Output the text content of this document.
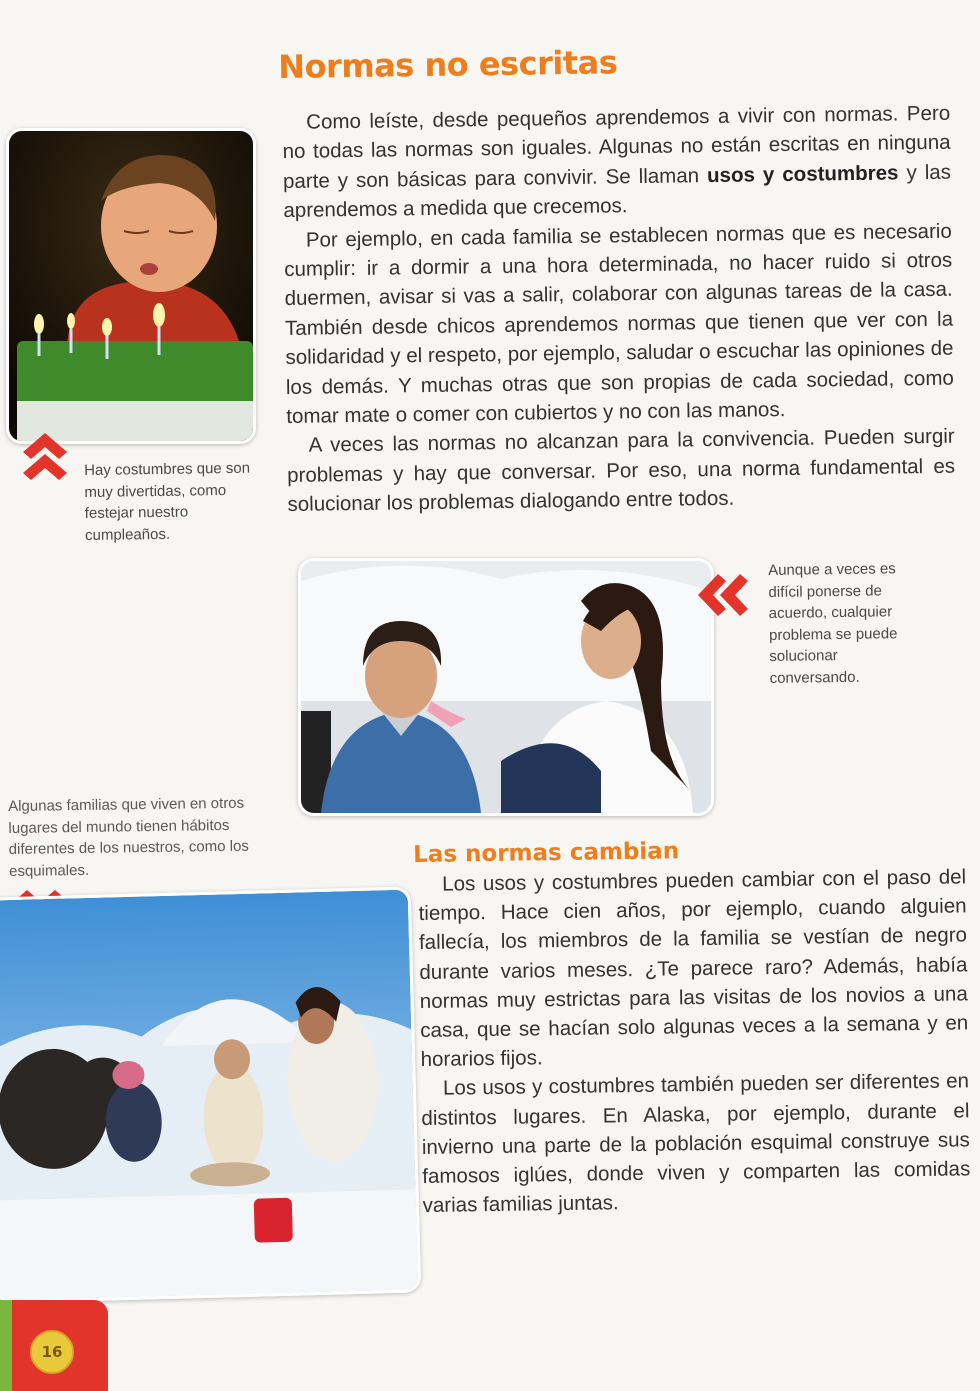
Normas no escritas

Como leíste, desde pequeños aprendemos a vivir con normas. Pero no todas las normas son iguales. Algunas no están escritas en ninguna parte y son básicas para convivir. Se llaman usos y costumbres y las aprendemos a medida que crecemos.

Por ejemplo, en cada familia se establecen normas que es necesario cumplir: ir a dormir a una hora determinada, no hacer ruido si otros duermen, avisar si vas a salir, colaborar con algunas tareas de la casa. También desde chicos aprendemos normas que tienen que ver con la solidaridad y el respeto, por ejemplo, saludar o escuchar las opiniones de los demás. Y muchas otras que son propias de cada sociedad, como tomar mate o comer con cubiertos y no con las manos.

A veces las normas no alcanzan para la convivencia. Pueden surgir problemas y hay que conversar. Por eso, una norma fundamental es solucionar los problemas dialogando entre todos.

Hay costumbres que son muy divertidas, como festejar nuestro cumpleaños.

Aunque a veces es difícil ponerse de acuerdo, cualquier problema se puede solucionar conversando.

Algunas familias que viven en otros lugares del mundo tienen hábitos diferentes de los nuestros, como los esquimales.

Las normas cambian

Los usos y costumbres pueden cambiar con el paso del tiempo. Hace cien años, por ejemplo, cuando alguien fallecía, los miembros de la familia se vestían de negro durante varios meses. ¿Te parece raro? Además, había normas muy estrictas para las visitas de los novios a una casa, que se hacían solo algunas veces a la semana y en horarios fijos.

Los usos y costumbres también pueden ser diferentes en distintos lugares. En Alaska, por ejemplo, durante el invierno una parte de la población esquimal construye sus famosos iglúes, donde viven y comparten las comidas varias familias juntas.

16
